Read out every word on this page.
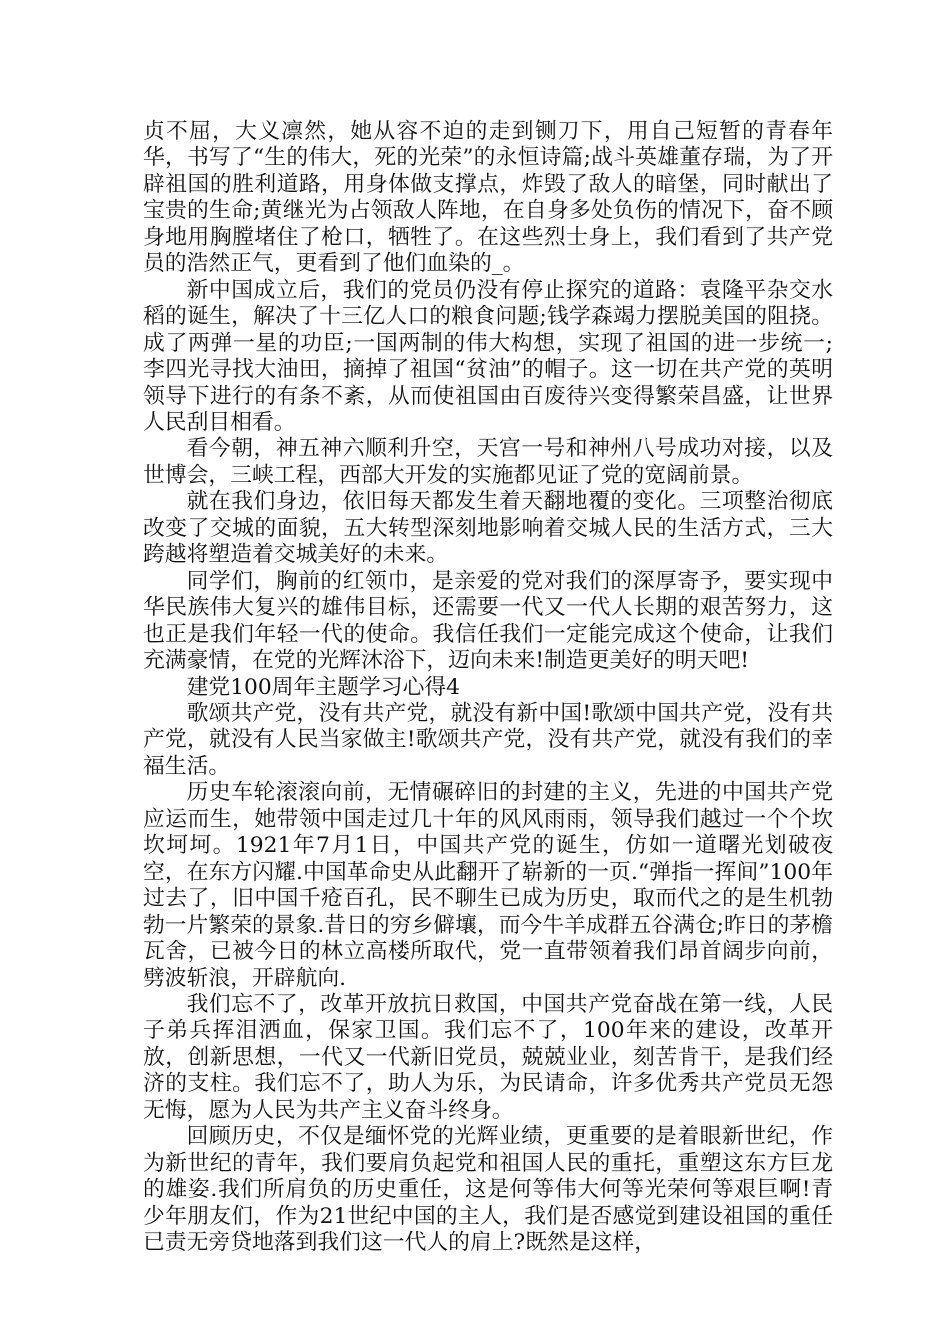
贞不屈，大义凛然，她从容不迫的走到铡刀下，用自己短暂的青春年华，书写了“生的伟大，死的光荣”的永恒诗篇;战斗英雄董存瑞，为了开辟祖国的胜利道路，用身体做支撑点，炸毁了敌人的暗堡，同时献出了宝贵的生命;黄继光为占领敌人阵地，在自身多处负伤的情况下，奋不顾身地用胸膛堵住了枪口，牺牲了。在这些烈士身上，我们看到了共产党员的浩然正气，更看到了他们血染的_。

新中国成立后，我们的党员仍没有停止探究的道路：袁隆平杂交水稻的诞生，解决了十三亿人口的粮食问题;钱学森竭力摆脱美国的阻挠。成了两弹一星的功臣;一国两制的伟大构想，实现了祖国的进一步统一;李四光寻找大油田，摘掉了祖国“贫油”的帽子。这一切在共产党的英明领导下进行的有条不紊，从而使祖国由百废待兴变得繁荣昌盛，让世界人民刮目相看。

看今朝，神五神六顺利升空，天宫一号和神州八号成功对接，以及世博会，三峡工程，西部大开发的实施都见证了党的宽阔前景。

就在我们身边，依旧每天都发生着天翻地覆的变化。三项整治彻底改变了交城的面貌，五大转型深刻地影响着交城人民的生活方式，三大跨越将塑造着交城美好的未来。

同学们，胸前的红领巾，是亲爱的党对我们的深厚寄予，要实现中华民族伟大复兴的雄伟目标，还需要一代又一代人长期的艰苦努力，这也正是我们年轻一代的使命。我信任我们一定能完成这个使命，让我们充满豪情，在党的光辉沐浴下，迈向未来!制造更美好的明天吧!

建党100周年主题学习心得4

歌颂共产党，没有共产党，就没有新中国!歌颂中国共产党，没有共产党，就没有人民当家做主!歌颂共产党，没有共产党，就没有我们的幸福生活。

历史车轮滚滚向前，无情碾碎旧的封建的主义，先进的中国共产党应运而生，她带领中国走过几十年的风风雨雨，领导我们越过一个个坎坎坷坷。1921年7月1日，中国共产党的诞生，仿如一道曙光划破夜空，在东方闪耀.中国革命史从此翻开了崭新的一页.“弹指一挥间”100年过去了，旧中国千疮百孔，民不聊生已成为历史，取而代之的是生机勃勃一片繁荣的景象.昔日的穷乡僻壤，而今牛羊成群五谷满仓;昨日的茅檐瓦舍，已被今日的林立高楼所取代，党一直带领着我们昂首阔步向前，劈波斩浪，开辟航向.

我们忘不了，改革开放抗日救国，中国共产党奋战在第一线，人民子弟兵挥泪洒血，保家卫国。我们忘不了，100年来的建设，改革开放，创新思想，一代又一代新旧党员，兢兢业业，刻苦肯干，是我们经济的支柱。我们忘不了，助人为乐，为民请命，许多优秀共产党员无怨无悔，愿为人民为共产主义奋斗终身。

回顾历史，不仅是缅怀党的光辉业绩，更重要的是着眼新世纪，作为新世纪的青年，我们要肩负起党和祖国人民的重托，重塑这东方巨龙的雄姿.我们所肩负的历史重任，这是何等伟大何等光荣何等艰巨啊!青少年朋友们，作为21世纪中国的主人，我们是否感觉到建设祖国的重任已责无旁贷地落到我们这一代人的肩上?既然是这样，
